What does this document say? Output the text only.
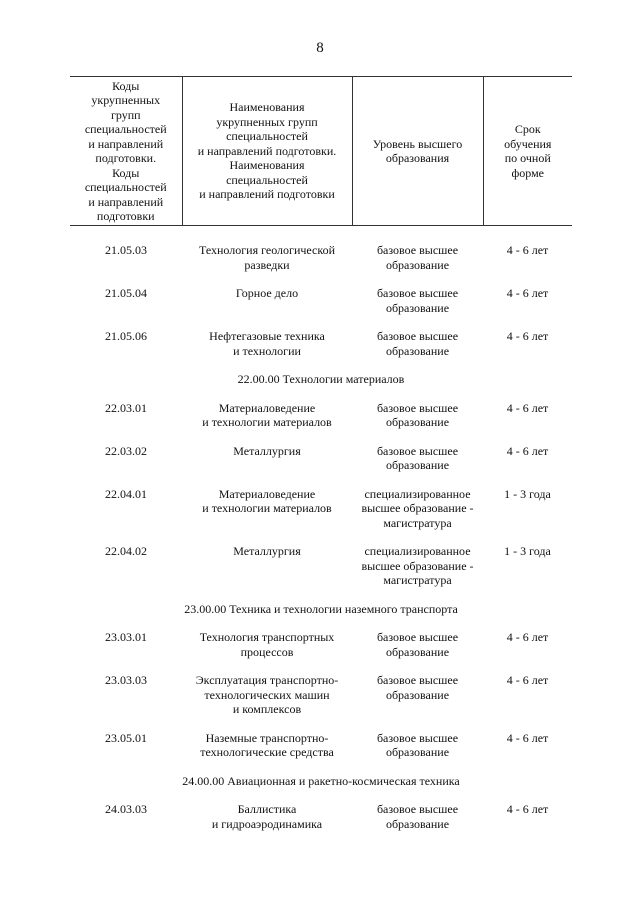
8
Коды
укрупненных
групп
специальностей
и направлений
подготовки.
Коды
специальностей
и направлений
подготовки	Наименования
укрупненных групп
специальностей
и направлений подготовки.
Наименования
специальностей
и направлений подготовки	Уровень высшего
образования	Срок
обучения
по очной
форме
21.05.03	Технология геологической
разведки	базовое высшее
образование	4 - 6 лет
21.05.04	Горное дело	базовое высшее
образование	4 - 6 лет
21.05.06	Нефтегазовые техника
и технологии	базовое высшее
образование	4 - 6 лет
22.00.00 Технологии материалов			
22.03.01	Материаловедение
и технологии материалов	базовое высшее
образование	4 - 6 лет
22.03.02	Металлургия	базовое высшее
образование	4 - 6 лет
22.04.01	Материаловедение
и технологии материалов	специализированное
высшее образование -
магистратура	1 - 3 года
22.04.02	Металлургия	специализированное
высшее образование -
магистратура	1 - 3 года
23.00.00 Техника и технологии наземного транспорта			
23.03.01	Технология транспортных
процессов	базовое высшее
образование	4 - 6 лет
23.03.03	Эксплуатация транспортно-
технологических машин
и комплексов	базовое высшее
образование	4 - 6 лет
23.05.01	Наземные транспортно-
технологические средства	базовое высшее
образование	4 - 6 лет
24.00.00 Авиационная и ракетно-космическая техника			
24.03.03	Баллистика
и гидроаэродинамика	базовое высшее
образование	4 - 6 лет
